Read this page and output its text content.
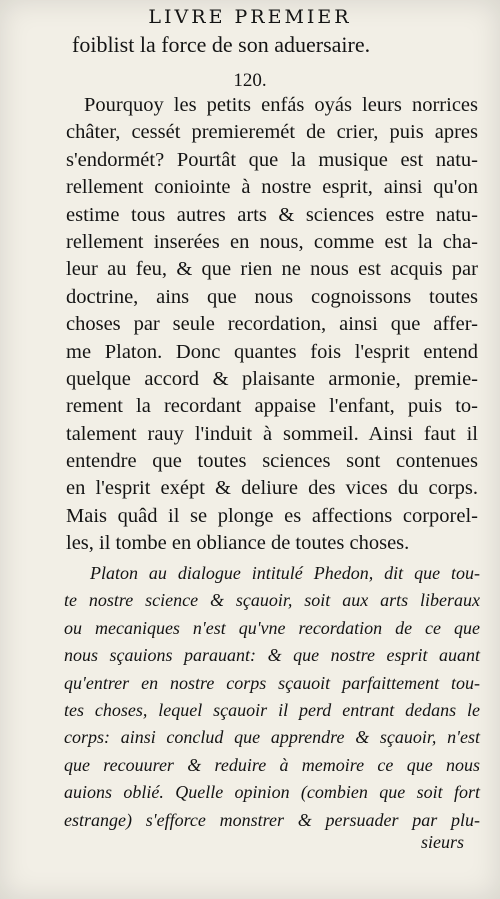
LIVRE PREMIER
foiblist la force de son aduersaire.
120.
Pourquoy les petits enfás oyás leurs norrices
châter, cessét premieremét de crier, puis apres
s'endormét? Pourtât que la musique est natu-
rellement coniointe à nostre esprit, ainsi qu'on
estime tous autres arts & sciences estre natu-
rellement inserées en nous, comme est la cha-
leur au feu, & que rien ne nous est acquis par
doctrine, ains que nous cognoissons toutes
choses par seule recordation, ainsi que affer-
me Platon. Donc quantes fois l'esprit entend
quelque accord & plaisante armonie, premie-
rement la recordant appaise l'enfant, puis to-
talement rauy l'induit à sommeil. Ainsi faut il
entendre que toutes sciences sont contenues
en l'esprit exépt & deliure des vices du corps.
Mais quâd il se plonge es affections corporel-
les, il tombe en obliance de toutes choses.
Platon au dialogue intitulé Phedon, dit que tou-
te nostre science & sçauoir, soit aux arts liberaux
ou mecaniques n'est qu'vne recordation de ce que
nous sçauions parauant: & que nostre esprit auant
qu'entrer en nostre corps sçauoit parfaittement tou-
tes choses, lequel sçauoir il perd entrant dedans le
corps: ainsi conclud que apprendre & sçauoir, n'est
que recouurer & reduire à memoire ce que nous
auions oblié. Quelle opinion (combien que soit fort
estrange) s'efforce monstrer & persuader par plu-
sieurs
